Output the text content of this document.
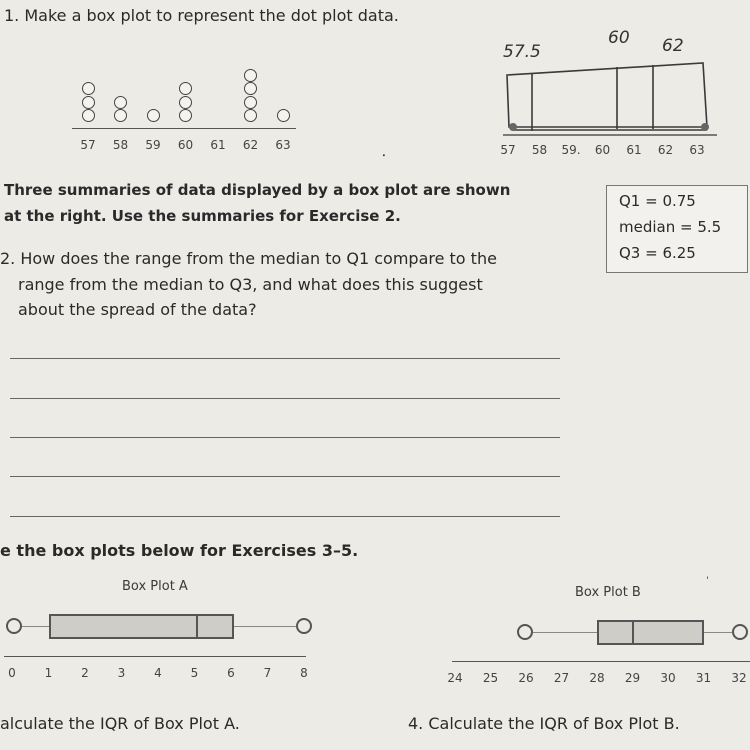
1. Make a box plot to represent the dot plot data.
57 58 59 60 61 62 63
57.5
60 62
57 58 59. 60 61 62 63
⸱
Three summaries of data displayed by a box plot are shown
at the right. Use the summaries for Exercise 2.
Q1 = 0.75
median = 5.5
Q3 = 6.25
2. How does the range from the median to Q1 compare to the
range from the median to Q3, and what does this suggest
about the spread of the data?
e the box plots below for Exercises 3–5.
Box Plot A
0 1 2 3 4 5 6 7 8
Box Plot B
ˈ
24 25 26 27 28 29 30 31 32
alculate the IQR of Box Plot A.	4. Calculate the IQR of Box Plot B.
